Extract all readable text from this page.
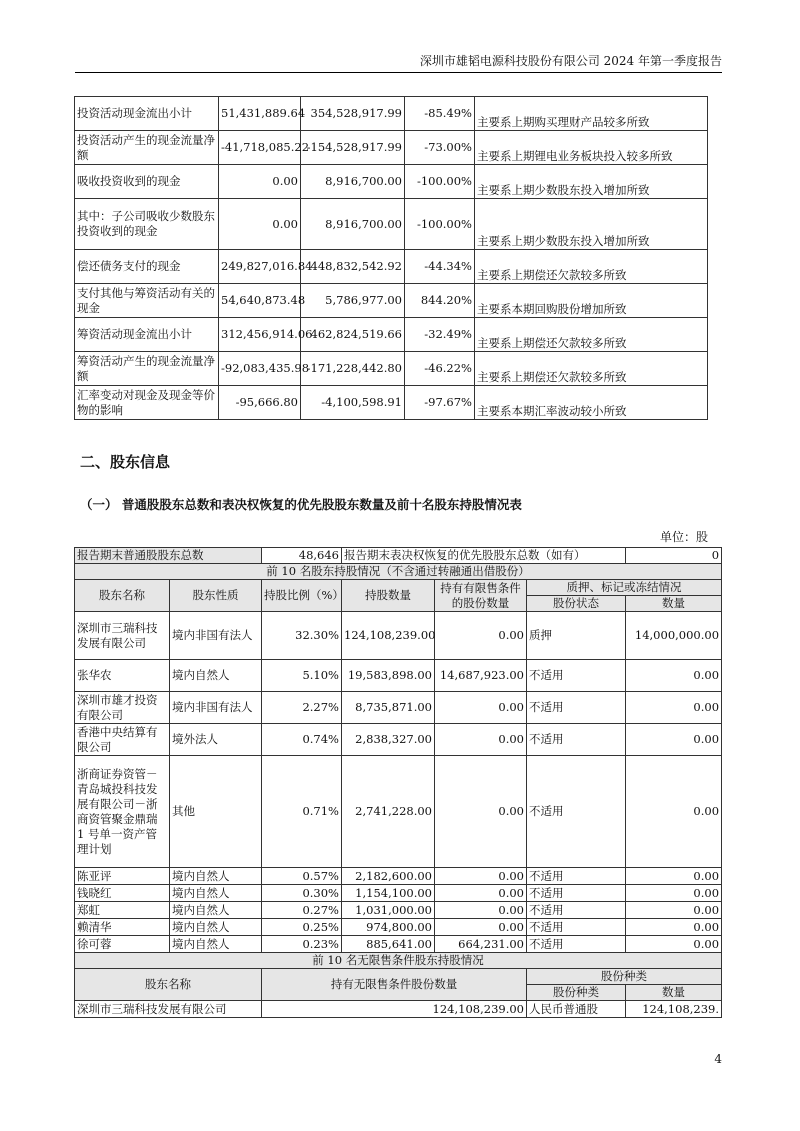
深圳市雄韬电源科技股份有限公司 2024 年第一季度报告
投资活动现金流出小计	51,431,889.64	354,528,917.99	-85.49%	主要系上期购买理财产品较多所致
投资活动产生的现金流量净额	-41,718,085.22	-154,528,917.99	-73.00%	主要系上期锂电业务板块投入较多所致
吸收投资收到的现金	0.00	8,916,700.00	-100.00%	主要系上期少数股东投入增加所致
其中：子公司吸收少数股东投资收到的现金	0.00	8,916,700.00	-100.00%	主要系上期少数股东投入增加所致
偿还债务支付的现金	249,827,016.84	448,832,542.92	-44.34%	主要系上期偿还欠款较多所致
支付其他与筹资活动有关的现金	54,640,873.48	5,786,977.00	844.20%	主要系本期回购股份增加所致
筹资活动现金流出小计	312,456,914.06	462,824,519.66	-32.49%	主要系上期偿还欠款较多所致
筹资活动产生的现金流量净额	-92,083,435.98	-171,228,442.80	-46.22%	主要系上期偿还欠款较多所致
汇率变动对现金及现金等价物的影响	-95,666.80	-4,100,598.91	-97.67%	主要系本期汇率波动较小所致
二、股东信息
（一） 普通股股东总数和表决权恢复的优先股股东数量及前十名股东持股情况表
单位：股
报告期末普通股股东总数		48,646	报告期末表决权恢复的优先股股东总数（如有）			0
前 10 名股东持股情况（不含通过转融通出借股份）						
股东名称	股东性质	持股比例（%）	持股数量	持有有限售条件的股份数量	质押、标记或冻结情况	
					股份状态	数量
深圳市三瑞科技发展有限公司	境内非国有法人	32.30%	124,108,239.00	0.00	质押	14,000,000.00
张华农	境内自然人	5.10%	19,583,898.00	14,687,923.00	不适用	0.00
深圳市雄才投资有限公司	境内非国有法人	2.27%	8,735,871.00	0.00	不适用	0.00
香港中央结算有限公司	境外法人	0.74%	2,838,327.00	0.00	不适用	0.00
浙商证券资管－青岛城投科技发展有限公司－浙商资管聚金鼎瑞 1 号单一资产管理计划	其他	0.71%	2,741,228.00	0.00	不适用	0.00
陈亚评	境内自然人	0.57%	2,182,600.00	0.00	不适用	0.00
钱晓红	境内自然人	0.30%	1,154,100.00	0.00	不适用	0.00
郑虹	境内自然人	0.27%	1,031,000.00	0.00	不适用	0.00
赖清华	境内自然人	0.25%	974,800.00	0.00	不适用	0.00
徐可蓉	境内自然人	0.23%	885,641.00	664,231.00	不适用	0.00
前 10 名无限售条件股东持股情况						
股东名称		持有无限售条件股份数量			股份种类	
					股份种类	数量
深圳市三瑞科技发展有限公司		124,108,239.00			人民币普通股	124,108,239.
4
